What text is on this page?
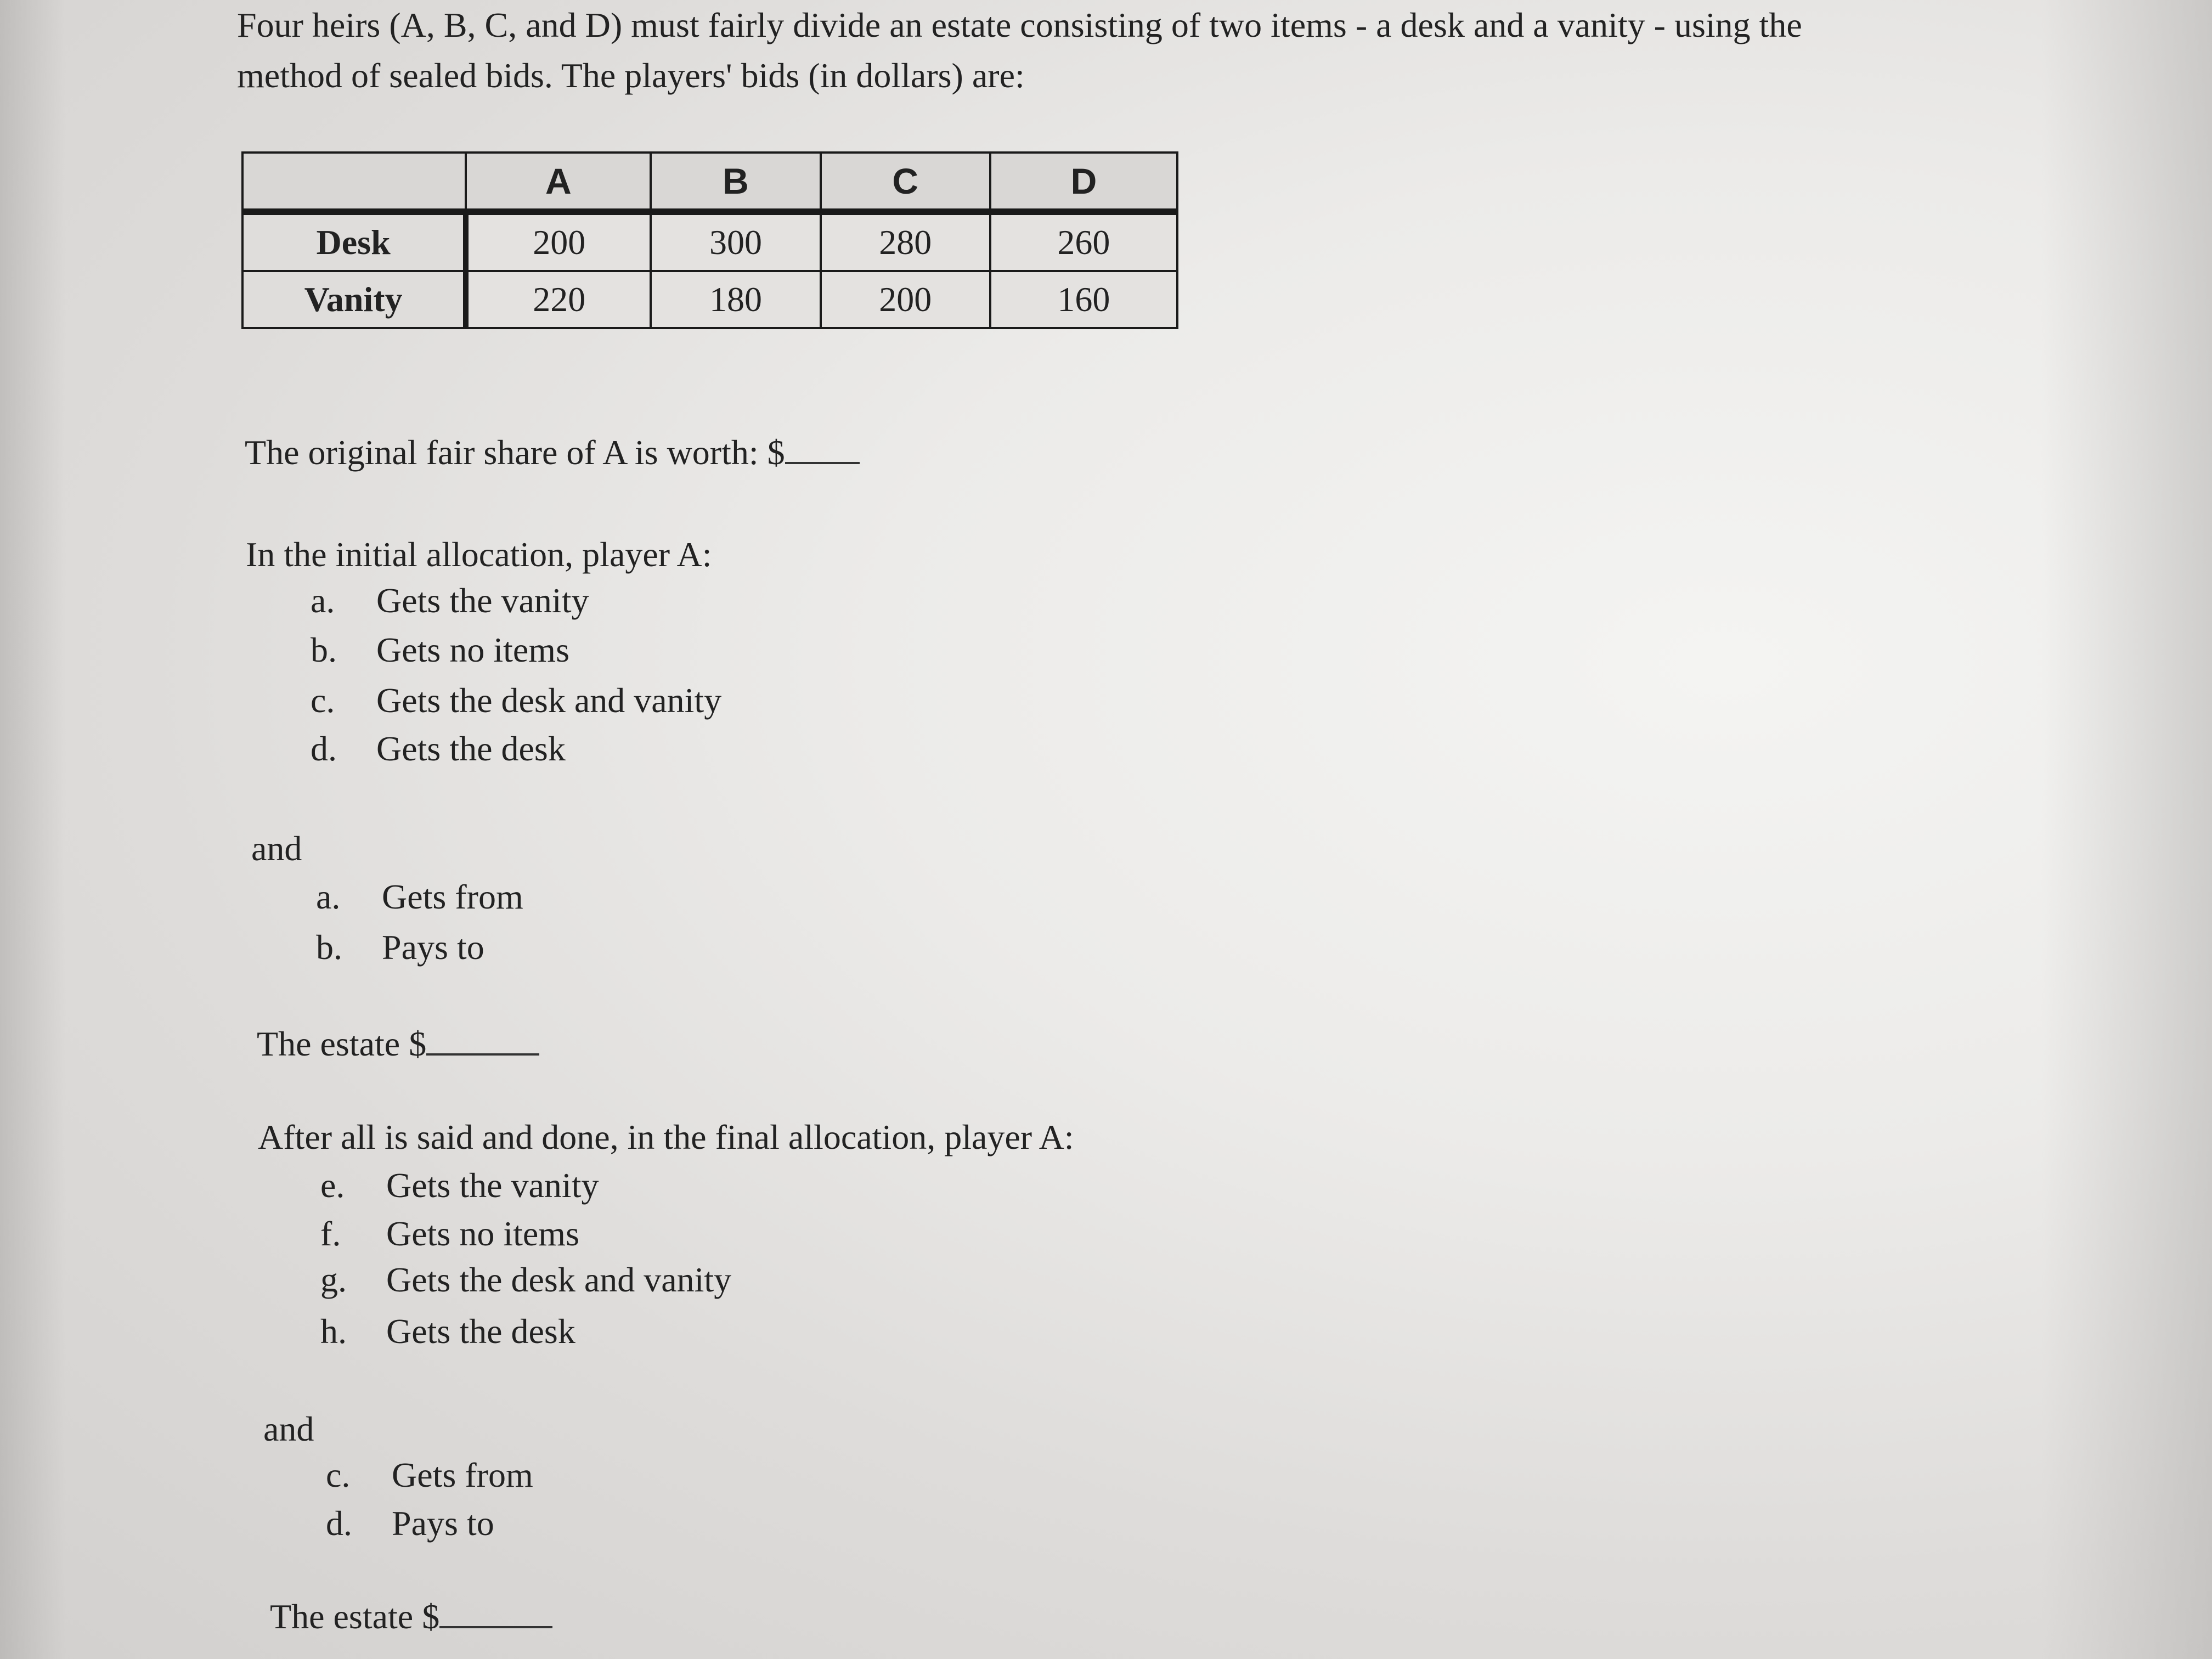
Four heirs (A, B, C, and D) must fairly divide an estate consisting of two items - a desk and a vanity - using the method of sealed bids. The players' bids (in dollars) are:

	A	B	C	D
Desk	200	300	280	260
Vanity	220	180	200	160

The original fair share of A is worth: $

In the initial allocation, player A:

a. Gets the vanity
b. Gets no items
c. Gets the desk and vanity
d. Gets the desk

and

a. Gets from
b. Pays to

The estate $

After all is said and done, in the final allocation, player A:

e. Gets the vanity
f. Gets no items
g. Gets the desk and vanity
h. Gets the desk

and

c. Gets from
d. Pays to

The estate $
